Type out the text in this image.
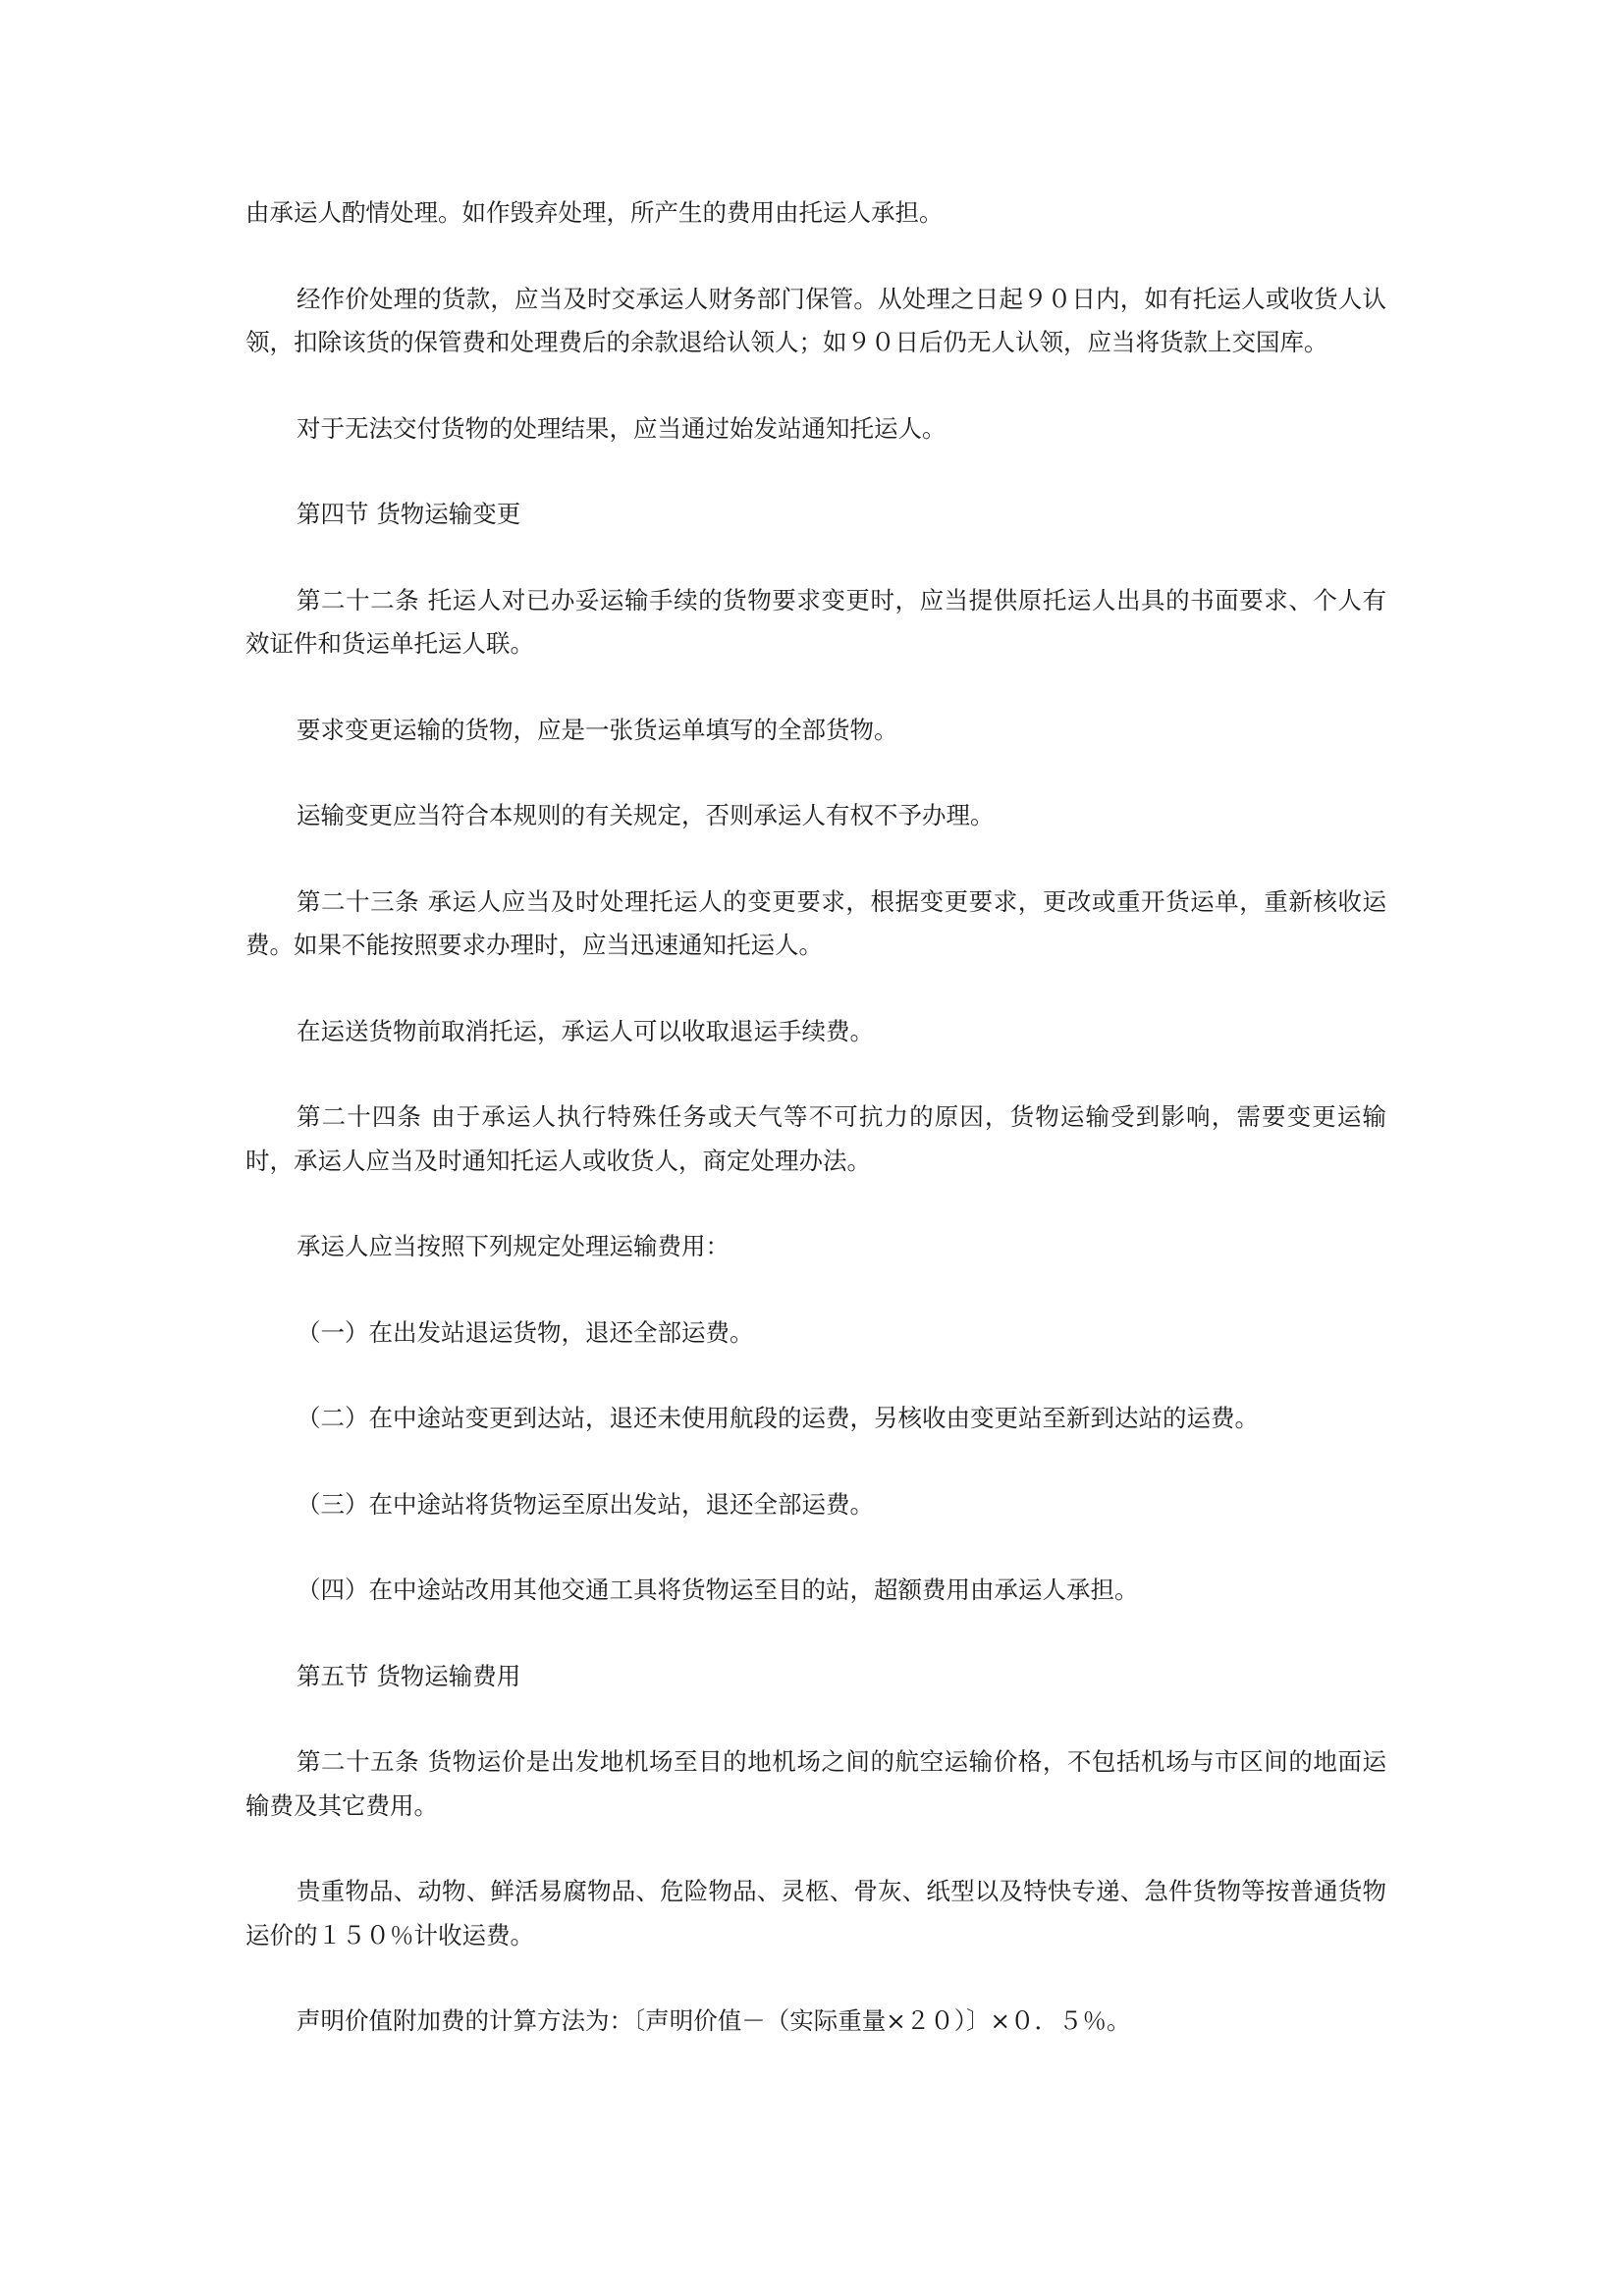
由承运人酌情处理。如作毁弃处理，所产生的费用由托运人承担。

经作价处理的货款，应当及时交承运人财务部门保管。从处理之日起９０日内，如有托运人或收货人认领，扣除该货的保管费和处理费后的余款退给认领人；如９０日后仍无人认领，应当将货款上交国库。

对于无法交付货物的处理结果，应当通过始发站通知托运人。

第四节 货物运输变更

第二十二条 托运人对已办妥运输手续的货物要求变更时，应当提供原托运人出具的书面要求、个人有效证件和货运单托运人联。

要求变更运输的货物，应是一张货运单填写的全部货物。

运输变更应当符合本规则的有关规定，否则承运人有权不予办理。

第二十三条 承运人应当及时处理托运人的变更要求，根据变更要求，更改或重开货运单，重新核收运费。如果不能按照要求办理时，应当迅速通知托运人。

在运送货物前取消托运，承运人可以收取退运手续费。

第二十四条 由于承运人执行特殊任务或天气等不可抗力的原因，货物运输受到影响，需要变更运输时，承运人应当及时通知托运人或收货人，商定处理办法。

承运人应当按照下列规定处理运输费用：

（一）在出发站退运货物，退还全部运费。

（二）在中途站变更到达站，退还未使用航段的运费，另核收由变更站至新到达站的运费。

（三）在中途站将货物运至原出发站，退还全部运费。

（四）在中途站改用其他交通工具将货物运至目的站，超额费用由承运人承担。

第五节 货物运输费用

第二十五条 货物运价是出发地机场至目的地机场之间的航空运输价格，不包括机场与市区间的地面运输费及其它费用。

贵重物品、动物、鲜活易腐物品、危险物品、灵柩、骨灰、纸型以及特快专递、急件货物等按普通货物运价的１５０％计收运费。

声明价值附加费的计算方法为：〔声明价值－（实际重量×２０）〕×０．５％。
